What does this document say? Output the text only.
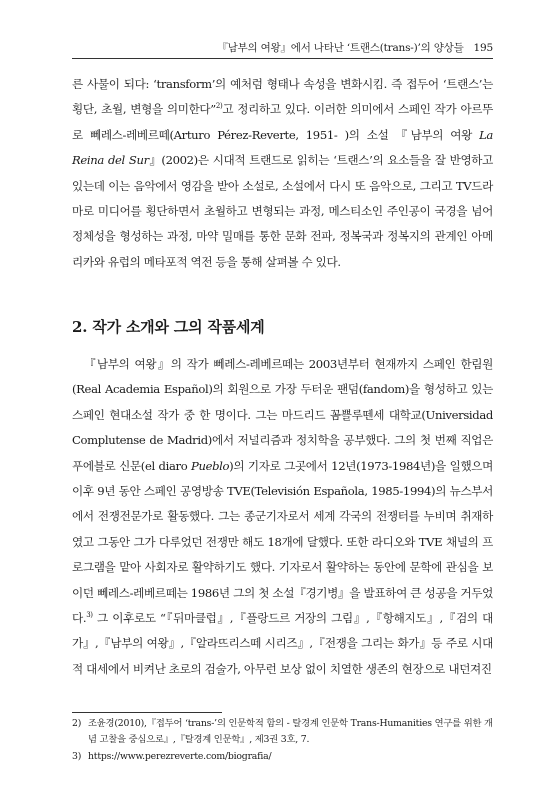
『남부의 여왕』에서 나타난 ‘트랜스(trans-)’의 양상들 195

른 사물이 되다: ‘transform’의 예처럼 형태나 속성을 변화시킴. 즉 접두어 ‘트랜스’는 횡단, 초월, 변형을 의미한다”$^{2)}$고 정리하고 있다. 이러한 의미에서 스페인 작가 아르뚜로 뻬레스-레베르떼(Arturo Pérez-Reverte, 1951- )의 소설 『남부의 여왕 La Reina del Sur』(2002)은 시대적 트랜드로 읽히는 ‘트랜스’의 요소들을 잘 반영하고 있는데 이는 음악에서 영감을 받아 소설로, 소설에서 다시 또 음악으로, 그리고 TV드라마로 미디어를 횡단하면서 초월하고 변형되는 과정, 메스티소인 주인공이 국경을 넘어 정체성을 형성하는 과정, 마약 밀매를 통한 문화 전파, 정복국과 정복지의 관계인 아메리카와 유럽의 메타포적 역전 등을 통해 살펴볼 수 있다.

2. 작가 소개와 그의 작품세계

『남부의 여왕』의 작가 뻬레스-레베르떼는 2003년부터 현재까지 스페인 한림원(Real Academia Español)의 회원으로 가장 두터운 팬덤(fandom)을 형성하고 있는 스페인 현대소설 작가 중 한 명이다. 그는 마드리드 꼼쁠루뗀세 대학교(Universidad Complutense de Madrid)에서 저널리즘과 정치학을 공부했다. 그의 첫 번째 직업은 푸에블로 신문(el diaro Pueblo)의 기자로 그곳에서 12년(1973-1984년)을 일했으며 이후 9년 동안 스페인 공영방송 TVE(Televisión Española, 1985-1994)의 뉴스부서에서 전쟁전문가로 활동했다. 그는 종군기자로서 세계 각국의 전쟁터를 누비며 취재하였고 그동안 그가 다루었던 전쟁만 해도 18개에 달했다. 또한 라디오와 TVE 채널의 프로그램을 맡아 사회자로 활약하기도 했다. 기자로서 활약하는 동안에 문학에 관심을 보이던 뻬레스-레베르떼는 1986년 그의 첫 소설『경기병』을 발표하여 큰 성공을 거두었다.$^{3)}$ 그 이후로도 “『뒤마클럽』,『플랑드르 거장의 그림』,『항해지도』,『검의 대가』,『남부의 여왕』,『알라뜨리스떼 시리즈』,『전쟁을 그리는 화가』등 주로 시대적 대세에서 비켜난 초로의 검술가, 아무런 보상 없이 치열한 생존의 현장으로 내던져진

2) 조윤경(2010),『접두어 ‘trans-’의 인문학적 함의 - 탈경계 인문학 Trans-Humanities 연구를 위한 개념 고찰을 중심으로』,『탈경계 인문학』, 제3권 3호, 7.
3) https://www.perezreverte.com/biografia/
